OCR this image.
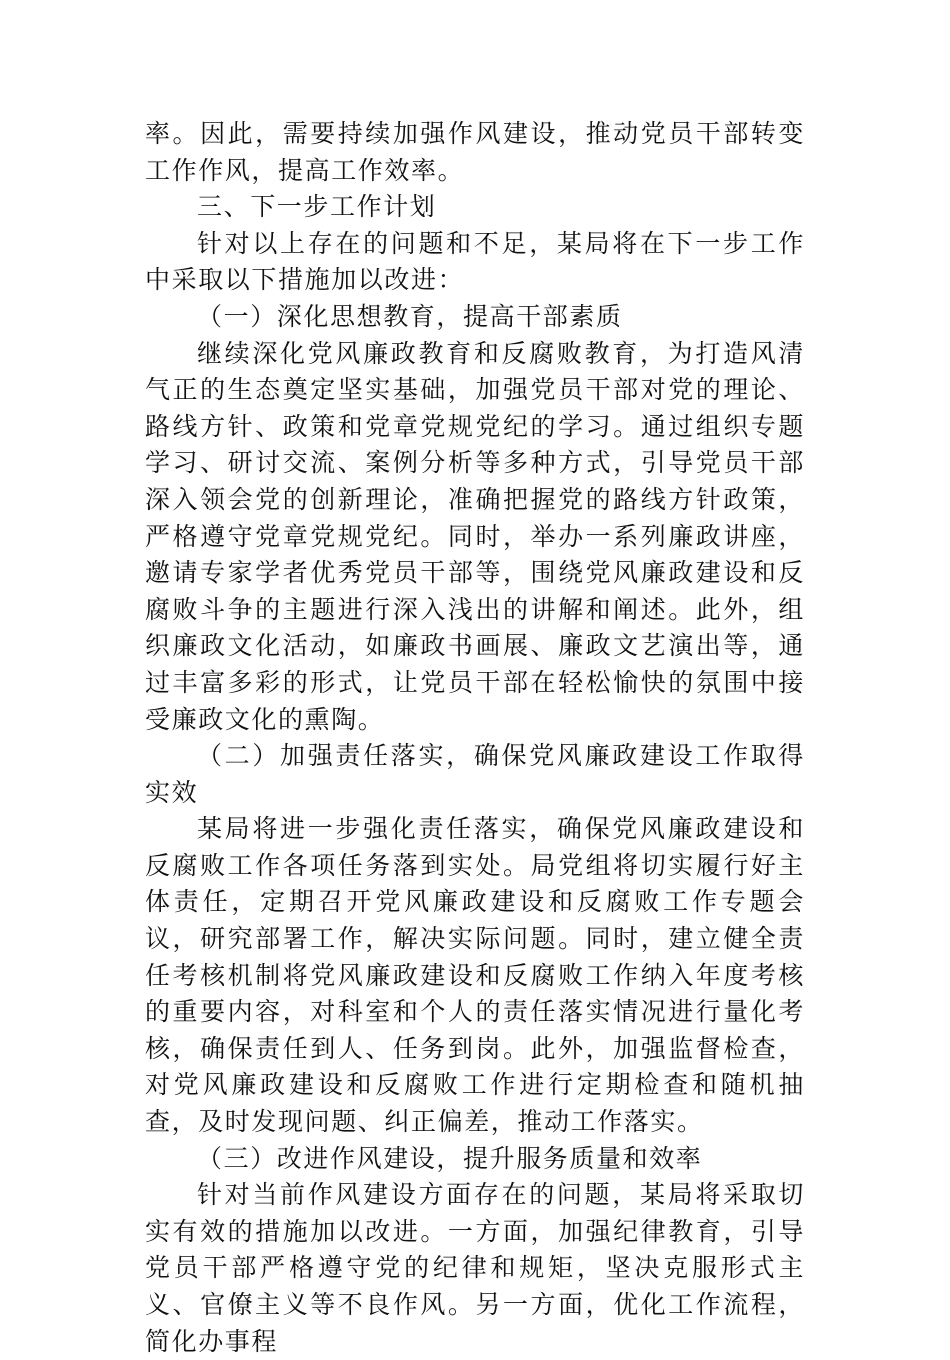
率。因此，需要持续加强作风建设，推动党员干部转变工作作风，提高工作效率。

三、下一步工作计划

针对以上存在的问题和不足，某局将在下一步工作中采取以下措施加以改进：

（一）深化思想教育，提高干部素质

继续深化党风廉政教育和反腐败教育，为打造风清气正的生态奠定坚实基础，加强党员干部对党的理论、路线方针、政策和党章党规党纪的学习。通过组织专题学习、研讨交流、案例分析等多种方式，引导党员干部深入领会党的创新理论，准确把握党的路线方针政策，严格遵守党章党规党纪。同时，举办一系列廉政讲座，邀请专家学者优秀党员干部等，围绕党风廉政建设和反腐败斗争的主题进行深入浅出的讲解和阐述。此外，组织廉政文化活动，如廉政书画展、廉政文艺演出等，通过丰富多彩的形式，让党员干部在轻松愉快的氛围中接受廉政文化的熏陶。

（二）加强责任落实，确保党风廉政建设工作取得实效

某局将进一步强化责任落实，确保党风廉政建设和反腐败工作各项任务落到实处。局党组将切实履行好主体责任，定期召开党风廉政建设和反腐败工作专题会议，研究部署工作，解决实际问题。同时，建立健全责任考核机制将党风廉政建设和反腐败工作纳入年度考核的重要内容，对科室和个人的责任落实情况进行量化考核，确保责任到人、任务到岗。此外，加强监督检查，对党风廉政建设和反腐败工作进行定期检查和随机抽查，及时发现问题、纠正偏差，推动工作落实。

（三）改进作风建设，提升服务质量和效率

针对当前作风建设方面存在的问题，某局将采取切实有效的措施加以改进。一方面，加强纪律教育，引导党员干部严格遵守党的纪律和规矩，坚决克服形式主义、官僚主义等不良作风。另一方面，优化工作流程，简化办事程
